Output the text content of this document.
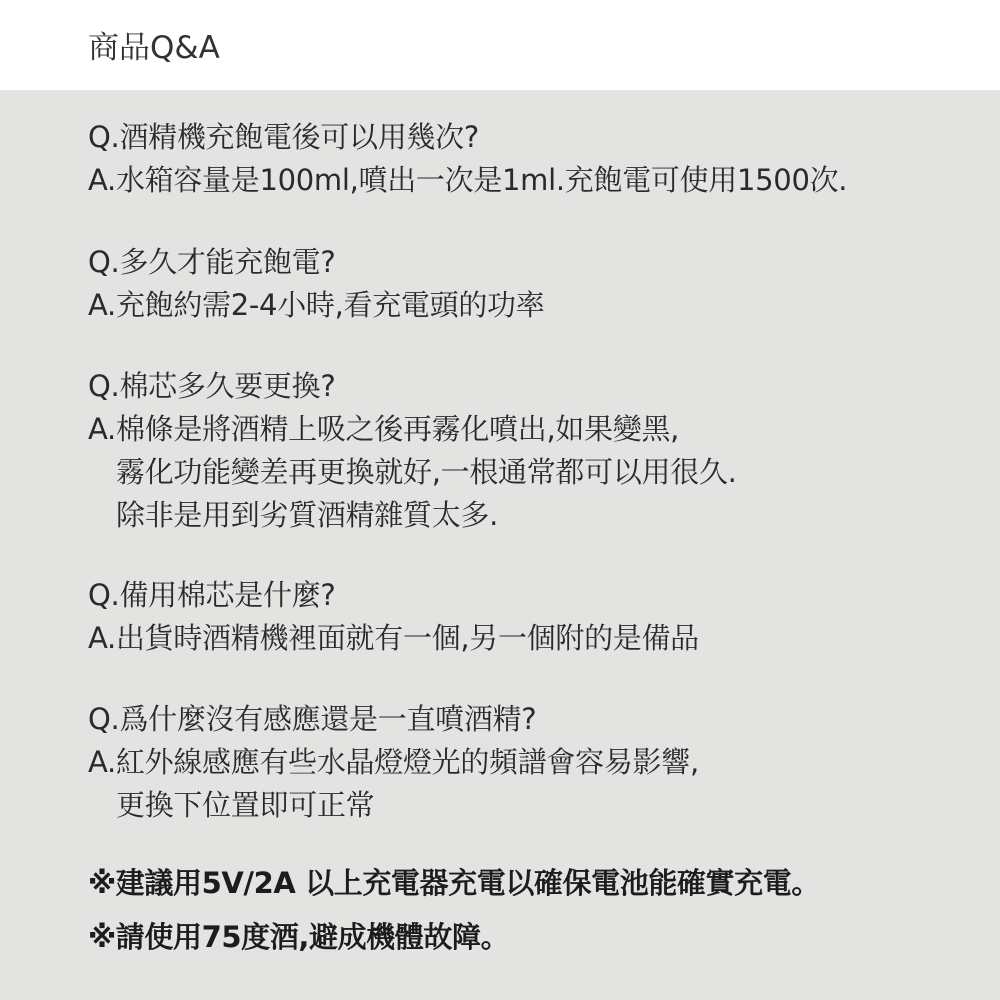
商品Q&A
Q.酒精機充飽電後可以用幾次?
A.水箱容量是100ml,噴出一次是1ml.充飽電可使用1500次.
Q.多久才能充飽電?
A.充飽約需2-4小時,看充電頭的功率
Q.棉芯多久要更換?
A.棉條是將酒精上吸之後再霧化噴出,如果變黑,
霧化功能變差再更換就好,一根通常都可以用很久.
除非是用到劣質酒精雜質太多.
Q.備用棉芯是什麼?
A.出貨時酒精機裡面就有一個,另一個附的是備品
Q.爲什麼沒有感應還是一直噴酒精?
A.紅外線感應有些水晶燈燈光的頻譜會容易影響,
更換下位置即可正常
※建議用5V/2A 以上充電器充電以確保電池能確實充電。
※請使用75度酒,避成機體故障。
